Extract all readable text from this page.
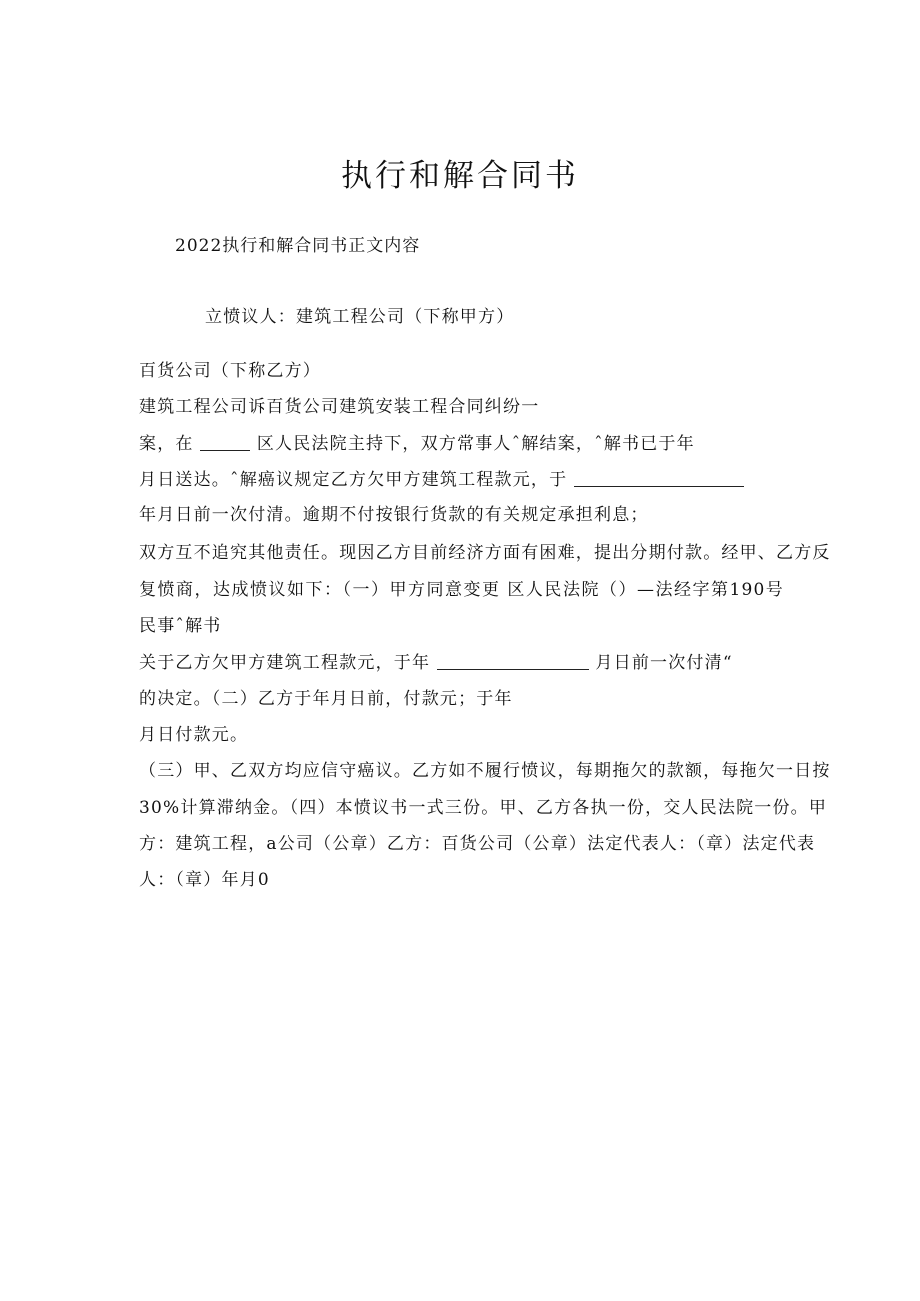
执行和解合同书
2022执行和解合同书正文内容
立愤议人：建筑工程公司（下称甲方）
百货公司（下称乙方）
建筑工程公司诉百货公司建筑安装工程合同纠纷一
案，在	区人民法院主持下，双方常事人ˆ解结案，ˆ解书已于年
月日送达。ˆ解癌议规定乙方欠甲方建筑工程款元，于
年月日前一次付清。逾期不付按银行货款的有关规定承担利息；
双方互不追究其他责任。现因乙方目前经济方面有困难，提出分期付款。经甲、乙方反
复愤商，达成愤议如下：（一）甲方同意变更 区人民法院（）—法经字第190号
民事ˆ解书
关于乙方欠甲方建筑工程款元，于年	月日前一次付清“
的决定。（二）乙方于年月日前，付款元；于年
月日付款元。
（三）甲、乙双方均应信守癌议。乙方如不履行愤议，每期拖欠的款额，每拖欠一日按
30%计算滞纳金。（四）本愤议书一式三份。甲、乙方各执一份，交人民法院一份。甲
方：建筑工程，a公司（公章）乙方：百货公司（公章）法定代表人：（章）法定代表
人：（章）年月0
